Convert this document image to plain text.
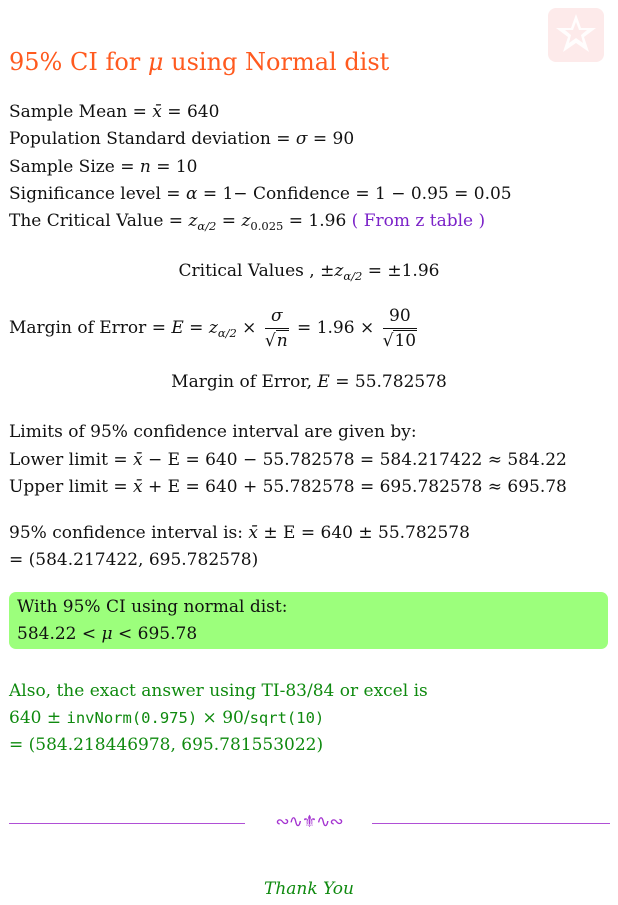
95% CI for μ using Normal dist
Sample Mean = x̄ = 640
Population Standard deviation = σ = 90
Sample Size = n = 10
Significance level = α = 1− Confidence = 1 − 0.95 = 0.05
The Critical Value = $z_{\alpha/2} = z_{0.025} = 1.96$ ( From z table )
Critical Values , $\pm z_{\alpha/2} = \pm 1.96$
Margin of Error = $E = z_{\alpha/2} \times \frac{\sigma}{√n} = 1.96 \times \frac{90}{√10}$
Margin of Error, E = 55.782578
Limits of 95% confidence interval are given by:
Lower limit = x̄ − E = 640 − 55.782578 = 584.217422 ≈ 584.22
Upper limit = x̄ + E = 640 + 55.782578 = 695.782578 ≈ 695.78
95% confidence interval is: x̄ ± E = 640 ± 55.782578
= (584.217422, 695.782578)
With 95% CI using normal dist:
584.22 < μ < 695.78
Also, the exact answer using TI-83/84 or excel is
640 ± invNorm(0.975) × 90/sqrt(10)
= (584.218446978, 695.781553022)
∾∿⚜∿∾
Thank You
